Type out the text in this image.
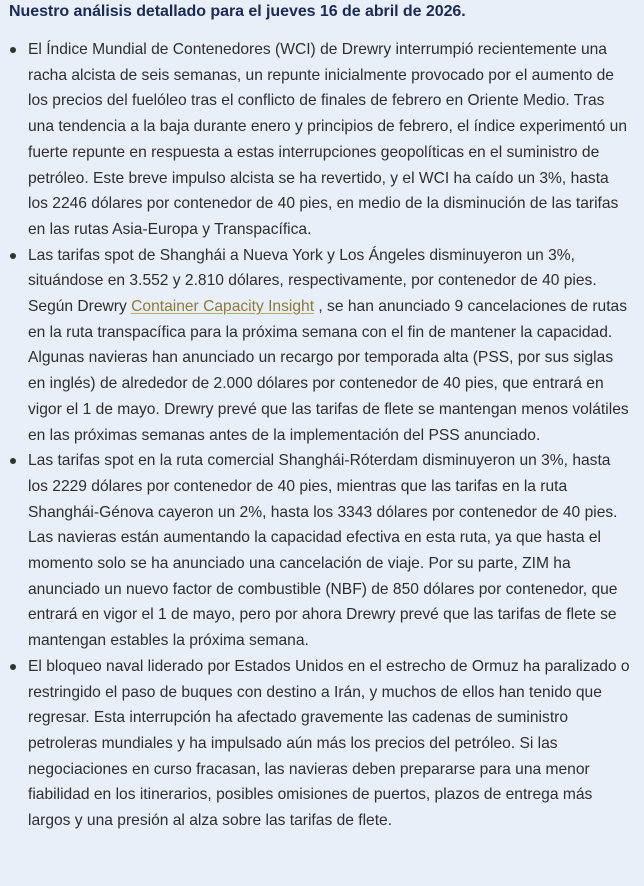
Nuestro análisis detallado para el jueves 16 de abril de 2026.
El Índice Mundial de Contenedores (WCI) de Drewry interrumpió recientemente una racha alcista de seis semanas, un repunte inicialmente provocado por el aumento de los precios del fuelóleo tras el conflicto de finales de febrero en Oriente Medio. Tras una tendencia a la baja durante enero y principios de febrero, el índice experimentó un fuerte repunte en respuesta a estas interrupciones geopolíticas en el suministro de petróleo. Este breve impulso alcista se ha revertido, y el WCI ha caído un 3%, hasta los 2246 dólares por contenedor de 40 pies, en medio de la disminución de las tarifas en las rutas Asia-Europa y Transpacífica.
Las tarifas spot de Shanghái a Nueva York y Los Ángeles disminuyeron un 3%, situándose en 3.552 y 2.810 dólares, respectivamente, por contenedor de 40 pies. Según Drewry Container Capacity Insight , se han anunciado 9 cancelaciones de rutas en la ruta transpacífica para la próxima semana con el fin de mantener la capacidad. Algunas navieras han anunciado un recargo por temporada alta (PSS, por sus siglas en inglés) de alrededor de 2.000 dólares por contenedor de 40 pies, que entrará en vigor el 1 de mayo. Drewry prevé que las tarifas de flete se mantengan menos volátiles en las próximas semanas antes de la implementación del PSS anunciado.
Las tarifas spot en la ruta comercial Shanghái-Róterdam disminuyeron un 3%, hasta los 2229 dólares por contenedor de 40 pies, mientras que las tarifas en la ruta Shanghái-Génova cayeron un 2%, hasta los 3343 dólares por contenedor de 40 pies. Las navieras están aumentando la capacidad efectiva en esta ruta, ya que hasta el momento solo se ha anunciado una cancelación de viaje. Por su parte, ZIM ha anunciado un nuevo factor de combustible (NBF) de 850 dólares por contenedor, que entrará en vigor el 1 de mayo, pero por ahora Drewry prevé que las tarifas de flete se mantengan estables la próxima semana.
El bloqueo naval liderado por Estados Unidos en el estrecho de Ormuz ha paralizado o restringido el paso de buques con destino a Irán, y muchos de ellos han tenido que regresar. Esta interrupción ha afectado gravemente las cadenas de suministro petroleras mundiales y ha impulsado aún más los precios del petróleo. Si las negociaciones en curso fracasan, las navieras deben prepararse para una menor fiabilidad en los itinerarios, posibles omisiones de puertos, plazos de entrega más largos y una presión al alza sobre las tarifas de flete.
